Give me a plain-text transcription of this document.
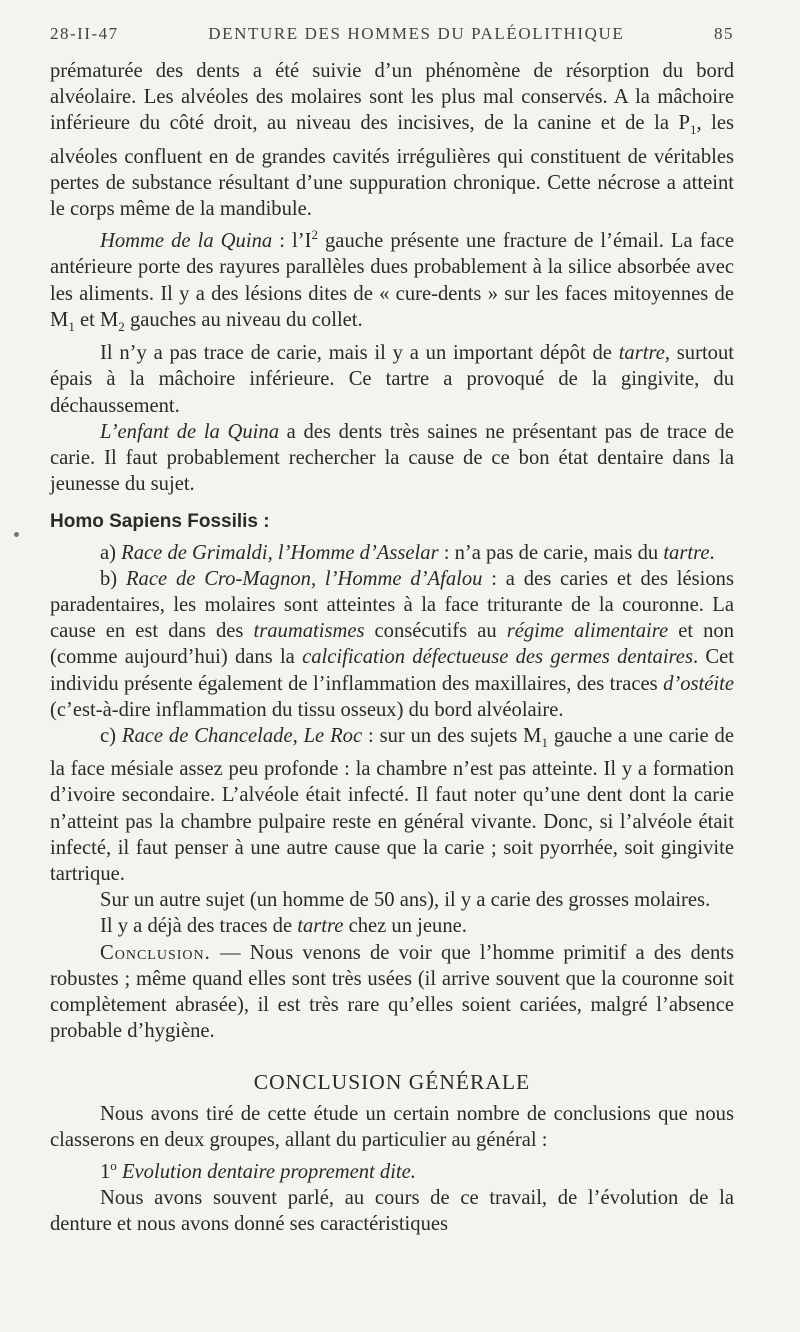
28-II-47	DENTURE DES HOMMES DU PALÉOLITHIQUE	85

prématurée des dents a été suivie d’un phénomène de résorption du bord alvéolaire. Les alvéoles des molaires sont les plus mal conservés. A la mâchoire inférieure du côté droit, au niveau des incisives, de la canine et de la $P_1$, les alvéoles confluent en de grandes cavités irrégulières qui constituent de véritables pertes de substance résultant d’une suppuration chronique. Cette nécrose a atteint le corps même de la mandibule.

Homme de la Quina : $l’I^2$ gauche présente une fracture de l’émail. La face antérieure porte des rayures parallèles dues probablement à la silice absorbée avec les aliments. Il y a des lésions dites de « cure-dents » sur les faces mitoyennes de $M_1$ et $M_2$ gauches au niveau du collet.

Il n’y a pas trace de carie, mais il y a un important dépôt de tartre, surtout épais à la mâchoire inférieure. Ce tartre a provoqué de la gingivite, du déchaussement.

L’enfant de la Quina a des dents très saines ne présentant pas de trace de carie. Il faut probablement rechercher la cause de ce bon état dentaire dans la jeunesse du sujet.

Homo Sapiens Fossilis :

a) Race de Grimaldi, l’Homme d’Asselar : n’a pas de carie, mais du tartre.

b) Race de Cro-Magnon, l’Homme d’Afalou : a des caries et des lésions paradentaires, les molaires sont atteintes à la face triturante de la couronne. La cause en est dans des traumatismes consécutifs au régime alimentaire et non (comme aujourd’hui) dans la calcification défectueuse des germes dentaires. Cet individu présente également de l’inflammation des maxillaires, des traces d’ostéite (c’est-à-dire inflammation du tissu osseux) du bord alvéolaire.

c) Race de Chancelade, Le Roc : sur un des sujets $M_1$ gauche a une carie de la face mésiale assez peu profonde : la chambre n’est pas atteinte. Il y a formation d’ivoire secondaire. L’alvéole était infecté. Il faut noter qu’une dent dont la carie n’atteint pas la chambre pulpaire reste en général vivante. Donc, si l’alvéole était infecté, il faut penser à une autre cause que la carie ; soit pyorrhée, soit gingivite tartrique.

Sur un autre sujet (un homme de 50 ans), il y a carie des grosses molaires.

Il y a déjà des traces de tartre chez un jeune.

Conclusion. — Nous venons de voir que l’homme primitif a des dents robustes ; même quand elles sont très usées (il arrive souvent que la couronne soit complètement abrasée), il est très rare qu’elles soient cariées, malgré l’absence probable d’hygiène.

CONCLUSION GÉNÉRALE

Nous avons tiré de cette étude un certain nombre de conclusions que nous classerons en deux groupes, allant du particulier au général :

1$^o$ Evolution dentaire proprement dite.

Nous avons souvent parlé, au cours de ce travail, de l’évolution de la denture et nous avons donné ses caractéristiques
